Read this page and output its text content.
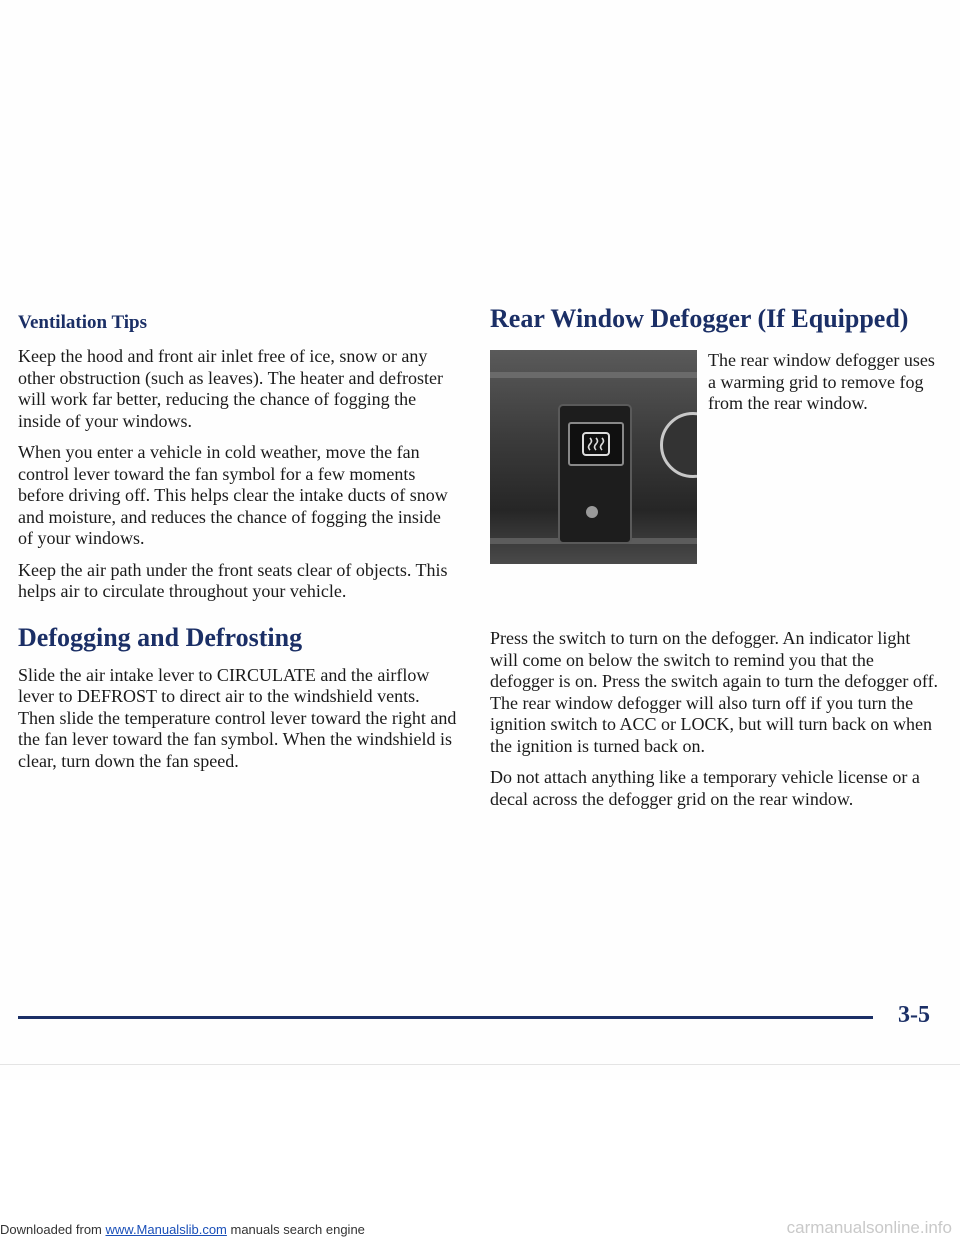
Ventilation Tips

Keep the hood and front air inlet free of ice, snow or any other obstruction (such as leaves). The heater and defroster will work far better, reducing the chance of fogging the inside of your windows.

When you enter a vehicle in cold weather, move the fan control lever toward the fan symbol for a few moments before driving off. This helps clear the intake ducts of snow and moisture, and reduces the chance of fogging the inside of your windows.

Keep the air path under the front seats clear of objects. This helps air to circulate throughout your vehicle.

Defogging and Defrosting

Slide the air intake lever to CIRCULATE and the airflow lever to DEFROST to direct air to the windshield vents. Then slide the temperature control lever toward the right and the fan lever toward the fan symbol. When the windshield is clear, turn down the fan speed.

Rear Window Defogger (If Equipped)

The rear window defogger uses a warming grid to remove fog from the rear window.

Press the switch to turn on the defogger. An indicator light will come on below the switch to remind you that the defogger is on. Press the switch again to turn the defogger off. The rear window defogger will also turn off if you turn the ignition switch to ACC or LOCK, but will turn back on when the ignition is turned back on.

Do not attach anything like a temporary vehicle license or a decal across the defogger grid on the rear window.

3-5
Downloaded from www.Manualslib.com manuals search engine	carmanualsonline.info
